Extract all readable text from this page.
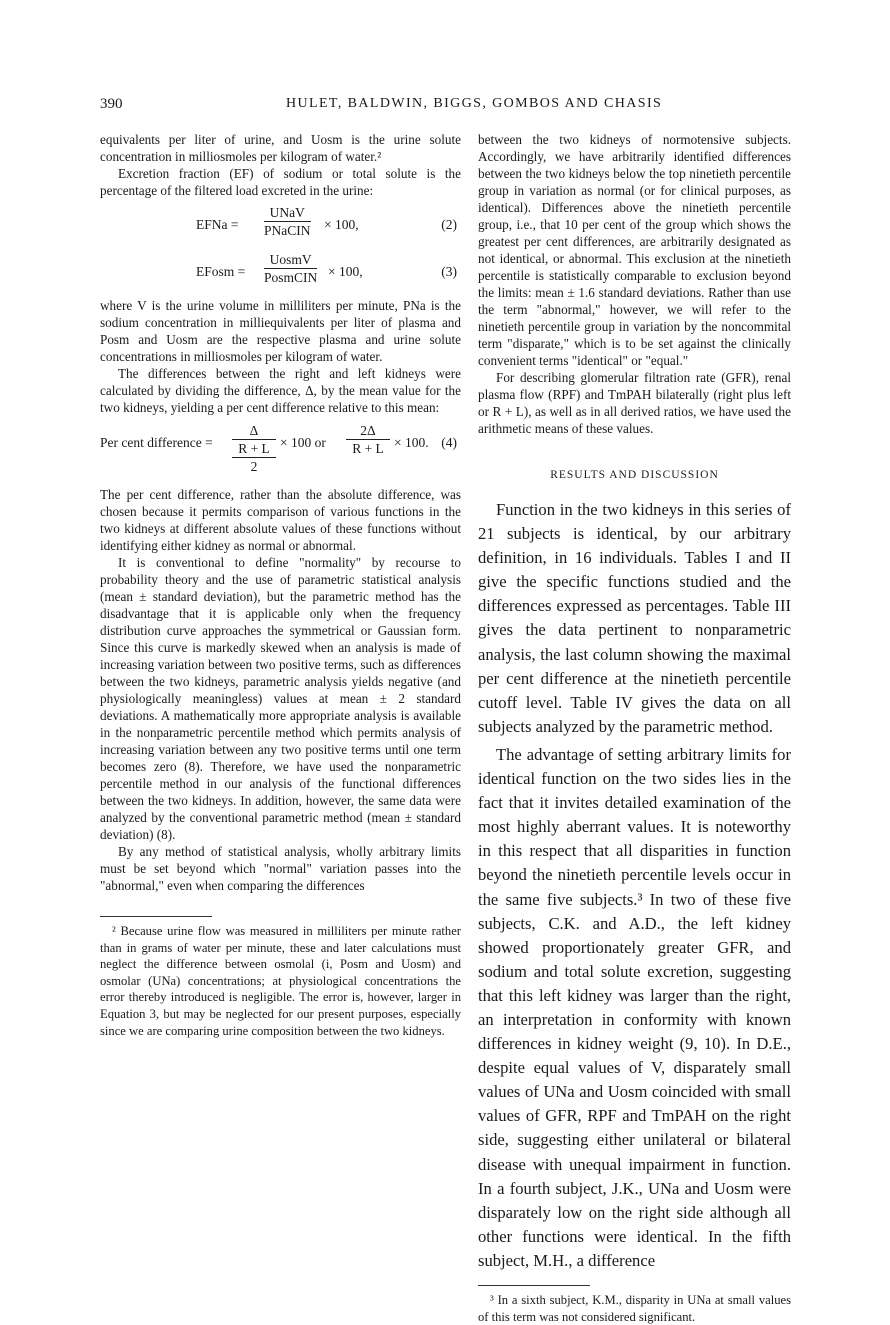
390	HULET, BALDWIN, BIGGS, GOMBOS AND CHASIS

equivalents per liter of urine, and Uosm is the urine solute concentration in milliosmoles per kilogram of water.²

Excretion fraction (EF) of sodium or total solute is the percentage of the filtered load excreted in the urine:

EFNa =
UNaV
PNaCIN × 100,	(2)
EFosm =
UosmV
PosmCIN × 100,	(3)

where V is the urine volume in milliliters per minute, PNa is the sodium concentration in milliequivalents per liter of plasma and Posm and Uosm are the respective plasma and urine solute concentrations in milliosmoles per kilogram of water.

The differences between the right and left kidneys were calculated by dividing the difference, Δ, by the mean value for the two kidneys, yielding a per cent difference relative to this mean:

Per cent difference =
Δ
R + L
2
× 100 or $\frac{2\Delta}{R + L} \times 100$. (4)

The per cent difference, rather than the absolute difference, was chosen because it permits comparison of various functions in the two kidneys at different absolute values of these functions without identifying either kidney as normal or abnormal.

It is conventional to define "normality" by recourse to probability theory and the use of parametric statistical analysis (mean ± standard deviation), but the parametric method has the disadvantage that it is applicable only when the frequency distribution curve approaches the symmetrical or Gaussian form. Since this curve is markedly skewed when an analysis is made of increasing variation between two positive terms, such as differences between the two kidneys, parametric analysis yields negative (and physiologically meaningless) values at mean ± 2 standard deviations. A mathematically more appropriate analysis is available in the nonparametric percentile method which permits analysis of increasing variation between any two positive terms until one term becomes zero (8). Therefore, we have used the nonparametric percentile method in our analysis of the functional differences between the two kidneys. In addition, however, the same data were analyzed by the conventional parametric method (mean ± standard deviation) (8).

By any method of statistical analysis, wholly arbitrary limits must be set beyond which "normal" variation passes into the "abnormal," even when comparing the differences

² Because urine flow was measured in milliliters per minute rather than in grams of water per minute, these and later calculations must neglect the difference between osmolal (i, Posm and Uosm) and osmolar (UNa) concentrations; at physiological concentrations the error thereby introduced is negligible. The error is, however, larger in Equation 3, but may be neglected for our present purposes, especially since we are comparing urine composition between the two kidneys.

between the two kidneys of normotensive subjects. Accordingly, we have arbitrarily identified differences between the two kidneys below the top ninetieth percentile group in variation as normal (or for clinical purposes, as identical). Differences above the ninetieth percentile group, i.e., that 10 per cent of the group which shows the greatest per cent differences, are arbitrarily designated as not identical, or abnormal. This exclusion at the ninetieth percentile is statistically comparable to exclusion beyond the limits: mean ± 1.6 standard deviations. Rather than use the term "abnormal," however, we will refer to the ninetieth percentile group in variation by the noncommital term "disparate," which is to be set against the clinically convenient terms "identical" or "equal."

For describing glomerular filtration rate (GFR), renal plasma flow (RPF) and TmPAH bilaterally (right plus left or R + L), as well as in all derived ratios, we have used the arithmetic means of these values.

RESULTS AND DISCUSSION

Function in the two kidneys in this series of 21 subjects is identical, by our arbitrary definition, in 16 individuals. Tables I and II give the specific functions studied and the differences expressed as percentages. Table III gives the data pertinent to nonparametric analysis, the last column showing the maximal per cent difference at the ninetieth percentile cutoff level. Table IV gives the data on all subjects analyzed by the parametric method.

The advantage of setting arbitrary limits for identical function on the two sides lies in the fact that it invites detailed examination of the most highly aberrant values. It is noteworthy in this respect that all disparities in function beyond the ninetieth percentile levels occur in the same five subjects.³ In two of these five subjects, C.K. and A.D., the left kidney showed proportionately greater GFR, and sodium and total solute excretion, suggesting that this left kidney was larger than the right, an interpretation in conformity with known differences in kidney weight (9, 10). In D.E., despite equal values of V, disparately small values of UNa and Uosm coincided with small values of GFR, RPF and TmPAH on the right side, suggesting either unilateral or bilateral disease with unequal impairment in function. In a fourth subject, J.K., UNa and Uosm were disparately low on the right side although all other functions were identical. In the fifth subject, M.H., a difference

³ In a sixth subject, K.M., disparity in UNa at small values of this term was not considered significant.
